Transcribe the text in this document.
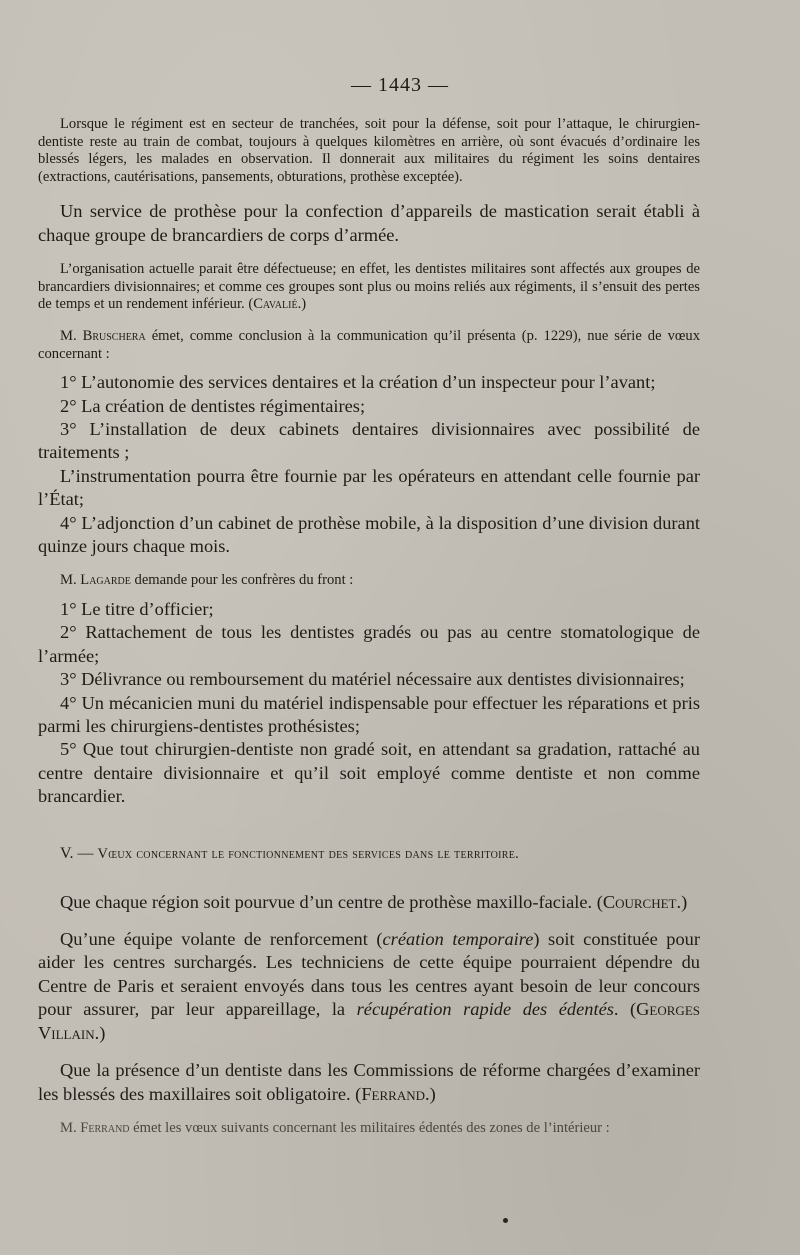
— 1443 —

Lorsque le régiment est en secteur de tranchées, soit pour la défense, soit pour l’attaque, le chirurgien-dentiste reste au train de combat, toujours à quelques kilomètres en arrière, où sont évacués d’ordinaire les blessés légers, les malades en observation. Il donnerait aux militaires du régiment les soins dentaires (extractions, cautérisations, pansements, obturations, prothèse exceptée).

Un service de prothèse pour la confection d’appareils de mastication serait établi à chaque groupe de brancardiers de corps d’armée.

L’organisation actuelle parait être défectueuse; en effet, les dentistes militaires sont affectés aux groupes de brancardiers divisionnaires; et comme ces groupes sont plus ou moins reliés aux régiments, il s’ensuit des pertes de temps et un rendement inférieur. (Cavalié.)

M. Bruschera émet, comme conclusion à la communication qu’il présenta (p. 1229), nue série de vœux concernant :

1° L’autonomie des services dentaires et la création d’un inspecteur pour l’avant;

2° La création de dentistes régimentaires;

3° L’installation de deux cabinets dentaires divisionnaires avec possibilité de traitements ;

L’instrumentation pourra être fournie par les opérateurs en attendant celle fournie par l’État;

4° L’adjonction d’un cabinet de prothèse mobile, à la disposition d’une division durant quinze jours chaque mois.

M. Lagarde demande pour les confrères du front :

1° Le titre d’officier;

2° Rattachement de tous les dentistes gradés ou pas au centre stomatologique de l’armée;

3° Délivrance ou remboursement du matériel nécessaire aux dentistes divisionnaires;

4° Un mécanicien muni du matériel indispensable pour effectuer les réparations et pris parmi les chirurgiens-dentistes prothésistes;

5° Que tout chirurgien-dentiste non gradé soit, en attendant sa gradation, rattaché au centre dentaire divisionnaire et qu’il soit employé comme dentiste et non comme brancardier.

V. — Vœux concernant le fonctionnement des services dans le territoire.

Que chaque région soit pourvue d’un centre de prothèse maxillo-faciale. (Courchet.)

Qu’une équipe volante de renforcement (création temporaire) soit constituée pour aider les centres surchargés. Les techniciens de cette équipe pourraient dépendre du Centre de Paris et seraient envoyés dans tous les centres ayant besoin de leur concours pour assurer, par leur appareillage, la récupération rapide des édentés. (Georges Villain.)

Que la présence d’un dentiste dans les Commissions de réforme chargées d’examiner les blessés des maxillaires soit obligatoire. (Ferrand.)

M. Ferrand émet les vœux suivants concernant les militaires édentés des zones de l’intérieur :
